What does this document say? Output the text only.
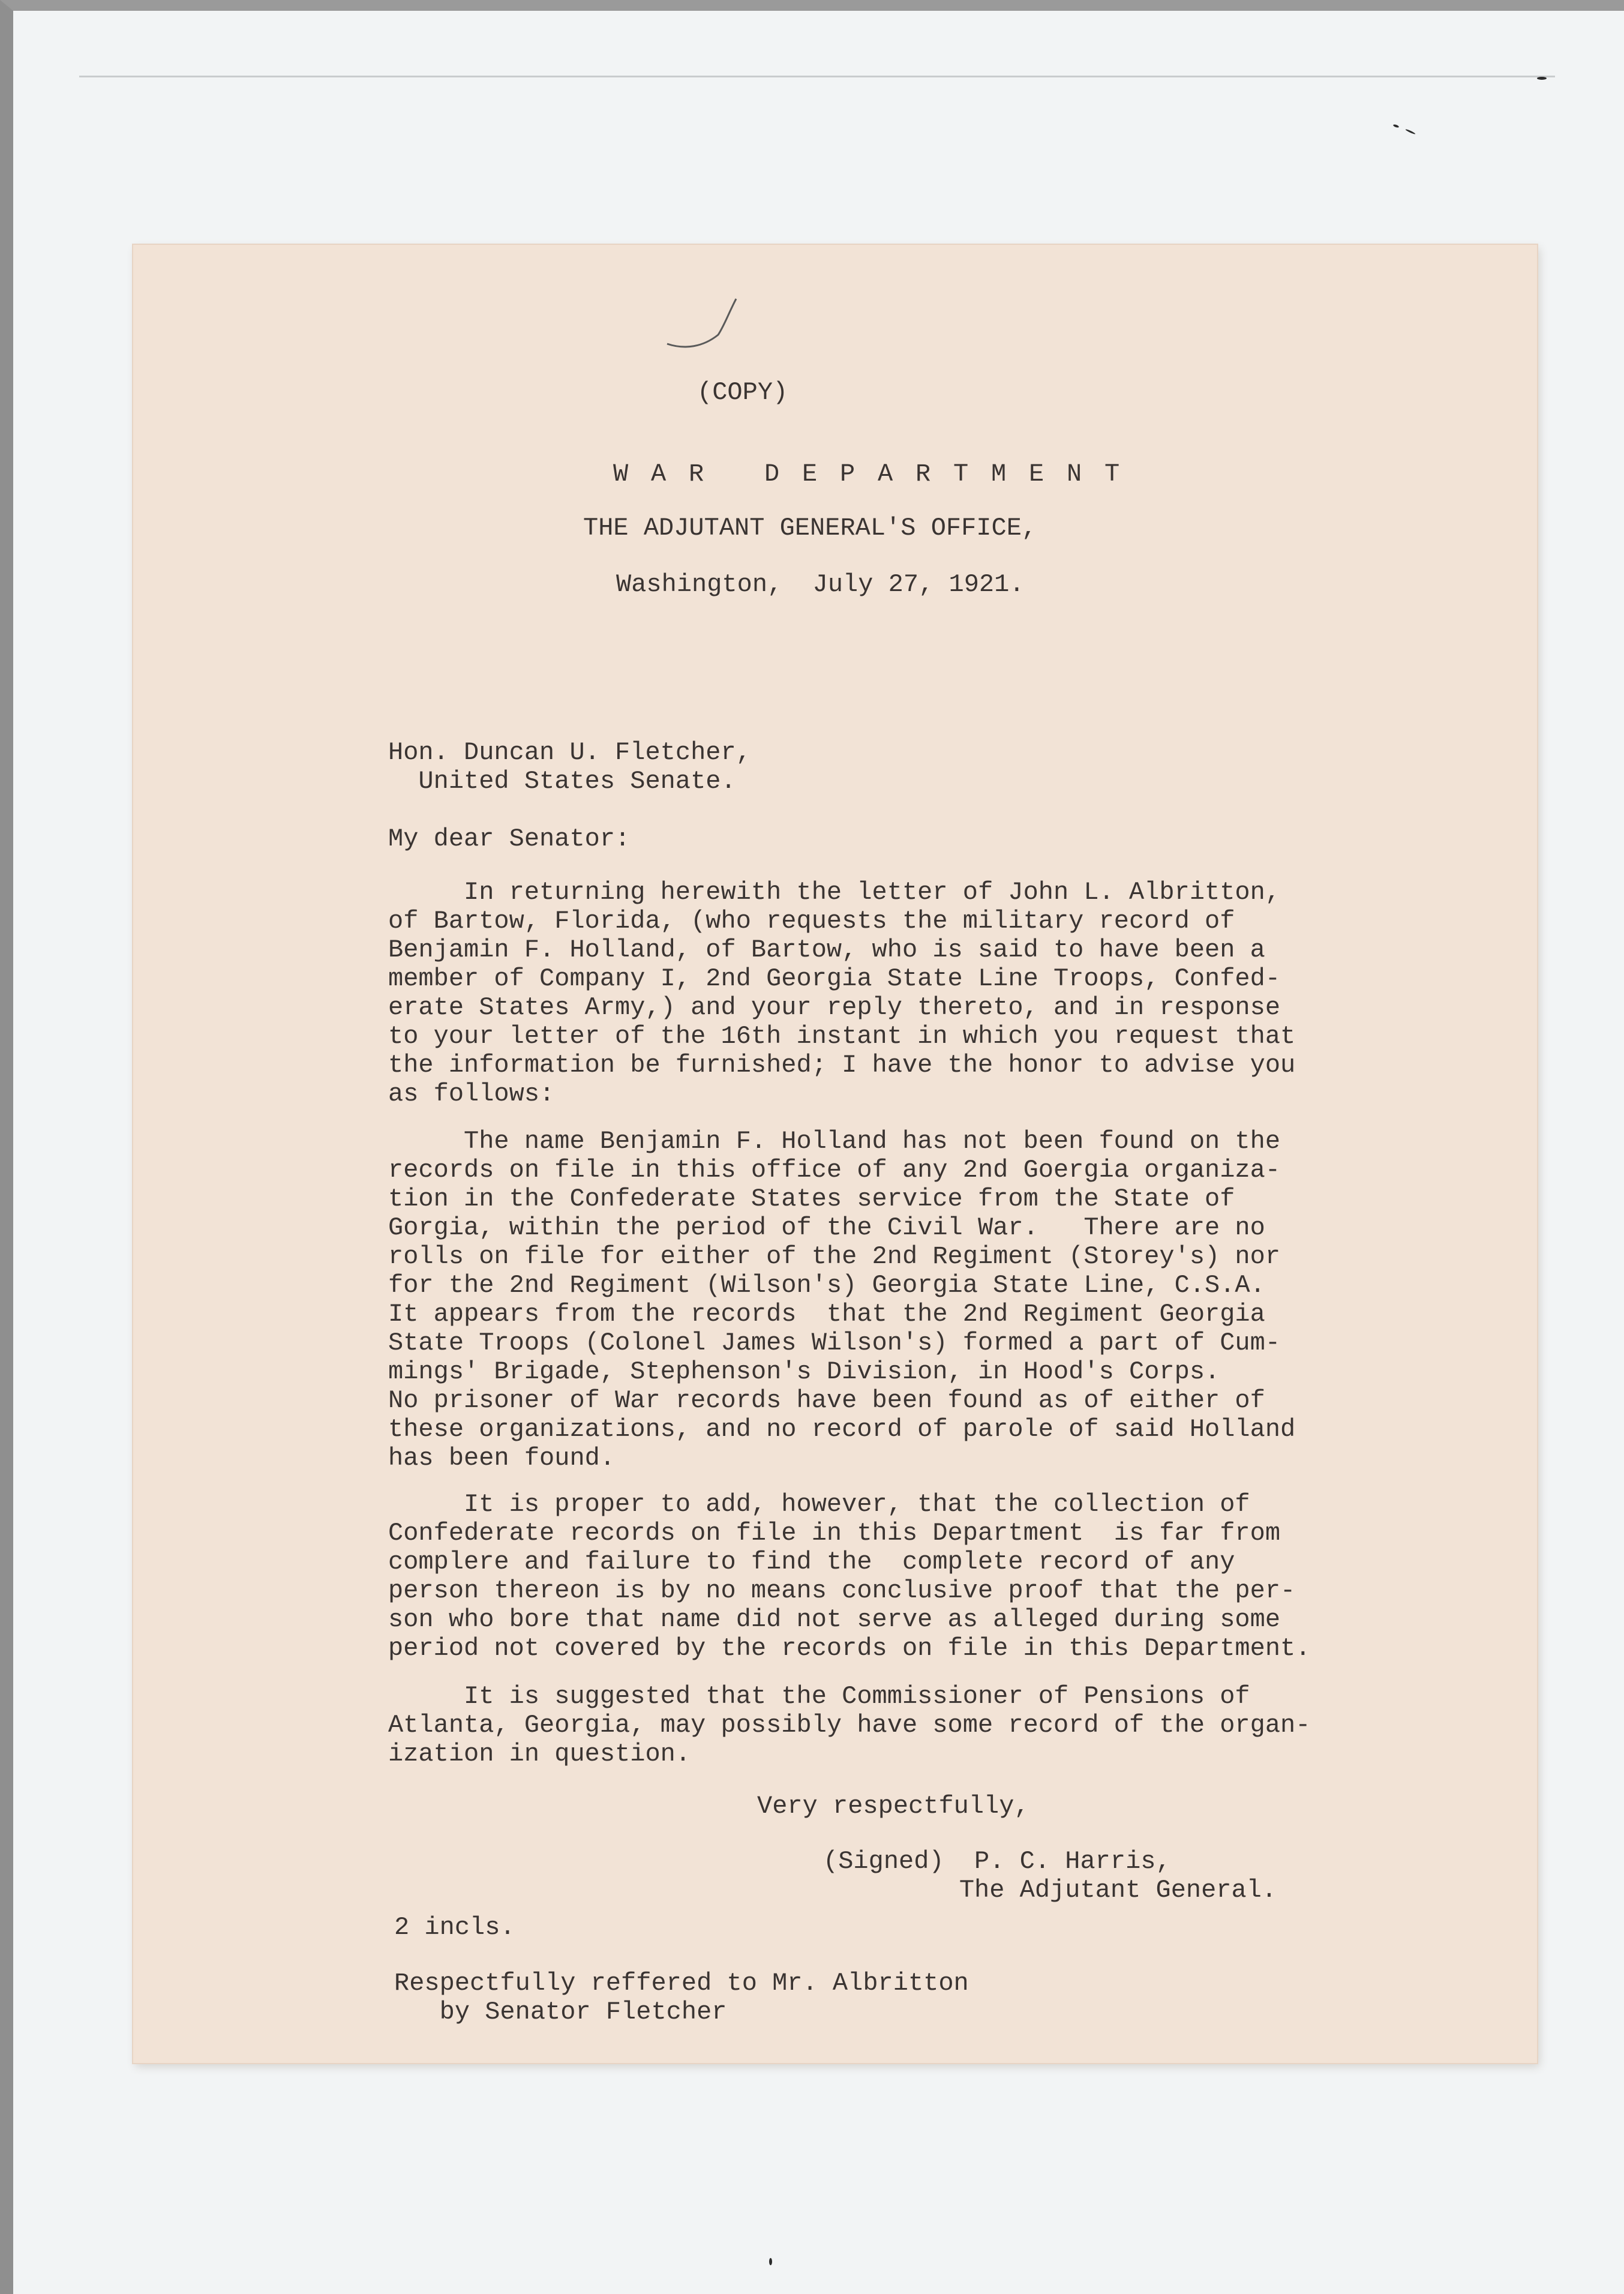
(COPY)
WAR DEPARTMENT
THE ADJUTANT GENERAL'S OFFICE,
Washington,  July 27, 1921.
Hon. Duncan U. Fletcher,
United States Senate.
My dear Senator:
In returning herewith the letter of John L. Albritton,
of Bartow, Florida, (who requests the military record of
Benjamin F. Holland, of Bartow, who is said to have been a
member of Company I, 2nd Georgia State Line Troops, Confed-
erate States Army,) and your reply thereto, and in response
to your letter of the 16th instant in which you request that
the information be furnished; I have the honor to advise you
as follows:
The name Benjamin F. Holland has not been found on the
records on file in this office of any 2nd Goergia organiza-
tion in the Confederate States service from the State of
Gorgia, within the period of the Civil War.   There are no
rolls on file for either of the 2nd Regiment (Storey's) nor
for the 2nd Regiment (Wilson's) Georgia State Line, C.S.A.
It appears from the records  that the 2nd Regiment Georgia
State Troops (Colonel James Wilson's) formed a part of Cum-
mings' Brigade, Stephenson's Division, in Hood's Corps.
No prisoner of War records have been found as of either of
these organizations, and no record of parole of said Holland
has been found.
It is proper to add, however, that the collection of
Confederate records on file in this Department  is far from
complere and failure to find the  complete record of any
person thereon is by no means conclusive proof that the per-
son who bore that name did not serve as alleged during some
period not covered by the records on file in this Department.
It is suggested that the Commissioner of Pensions of
Atlanta, Georgia, may possibly have some record of the organ-
ization in question.
Very respectfully,
(Signed)  P. C. Harris,
The Adjutant General.
2 incls.
Respectfully reffered to Mr. Albritton
by Senator Fletcher
